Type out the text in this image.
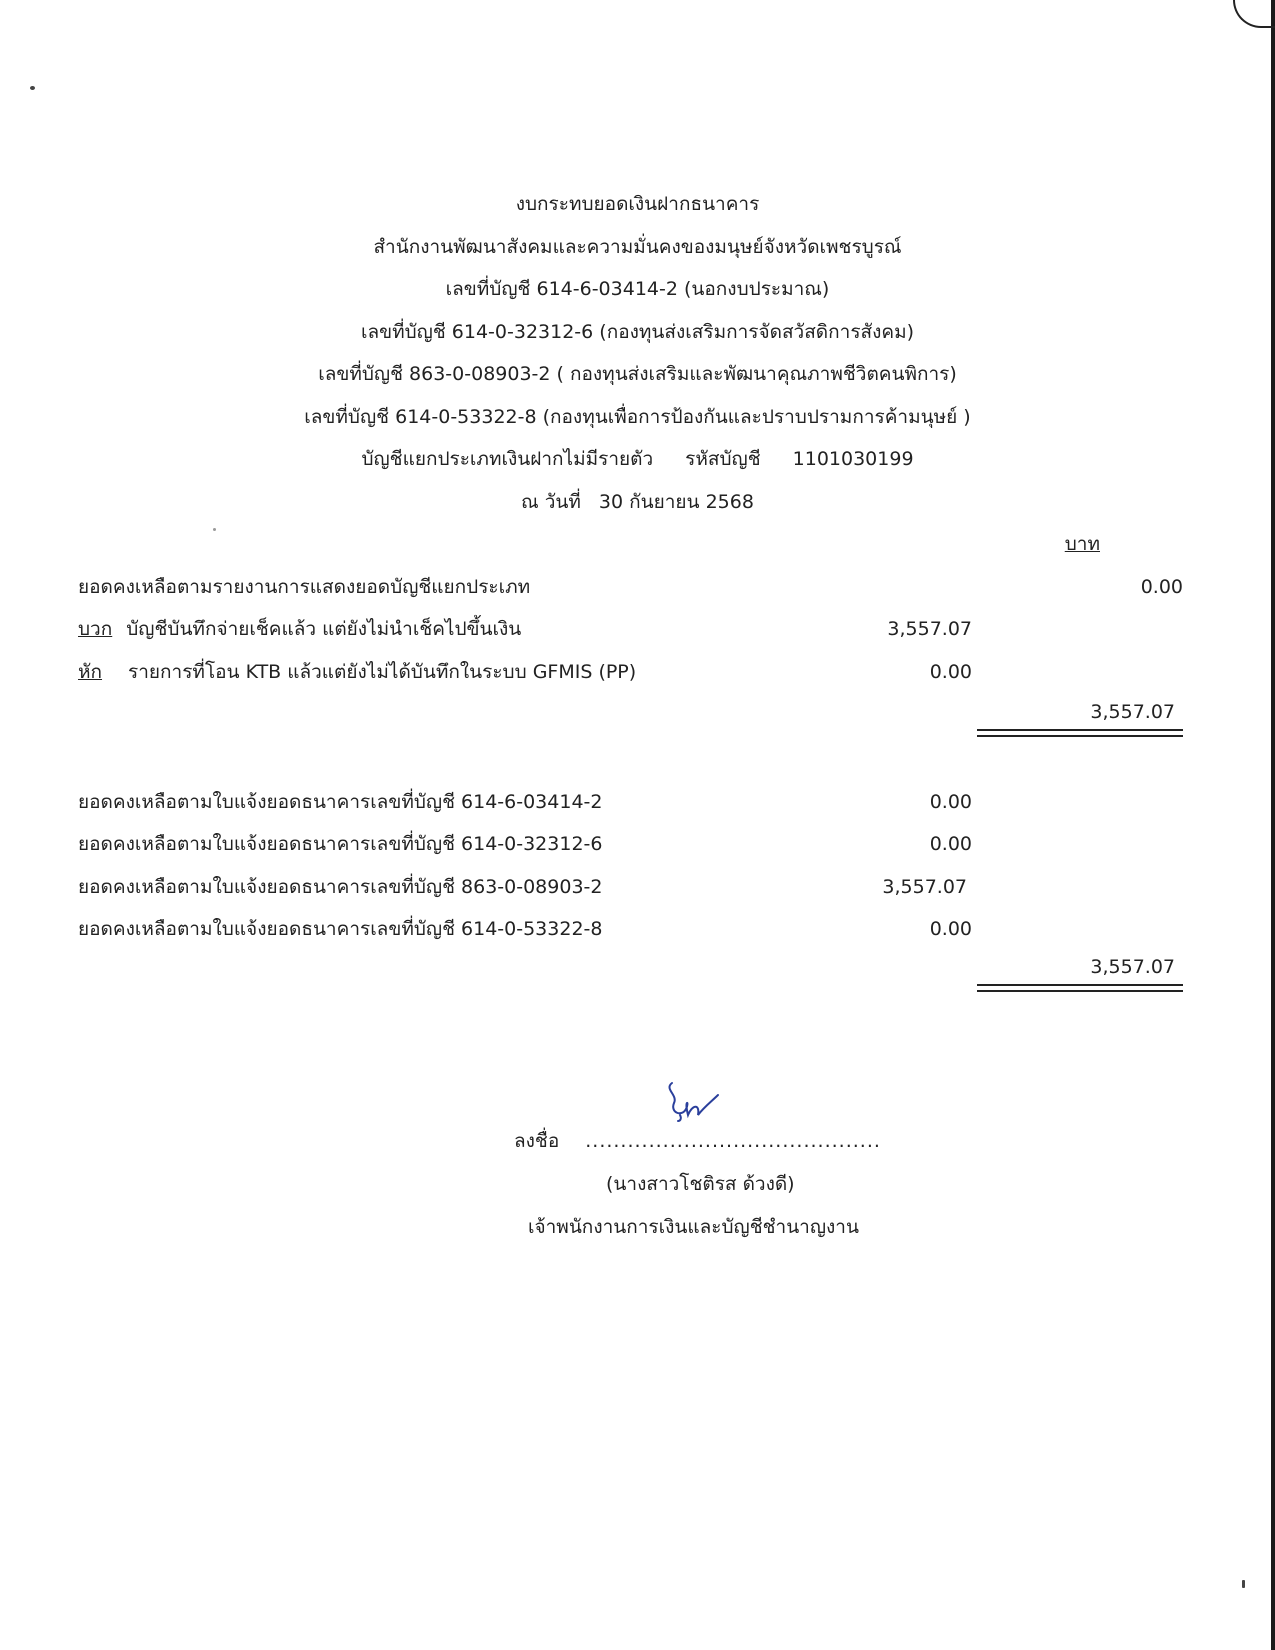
งบกระทบยอดเงินฝากธนาคาร
สำนักงานพัฒนาสังคมและความมั่นคงของมนุษย์จังหวัดเพชรบูรณ์
เลขที่บัญชี 614-6-03414-2 (นอกงบประมาณ)
เลขที่บัญชี 614-0-32312-6 (กองทุนส่งเสริมการจัดสวัสดิการสังคม)
เลขที่บัญชี 863-0-08903-2 ( กองทุนส่งเสริมและพัฒนาคุณภาพชีวิตคนพิการ)
เลขที่บัญชี 614-0-53322-8 (กองทุนเพื่อการป้องกันและปราบปรามการค้ามนุษย์ )
บัญชีแยกประเภทเงินฝากไม่มีรายตัว รหัสบัญชี 1101030199
ณ วันที่ 30 กันยายน 2568
บาท
ยอดคงเหลือตามรายงานการแสดงยอดบัญชีแยกประเภท	0.00
บวก บัญชีบันทึกจ่ายเช็คแล้ว แต่ยังไม่นำเช็คไปขึ้นเงิน	3,557.07
หัก รายการที่โอน KTB แล้วแต่ยังไม่ได้บันทึกในระบบ GFMIS (PP)	0.00
3,557.07
ยอดคงเหลือตามใบแจ้งยอดธนาคารเลขที่บัญชี 614-6-03414-2	0.00
ยอดคงเหลือตามใบแจ้งยอดธนาคารเลขที่บัญชี 614-0-32312-6	0.00
ยอดคงเหลือตามใบแจ้งยอดธนาคารเลขที่บัญชี 863-0-08903-2	3,557.07
ยอดคงเหลือตามใบแจ้งยอดธนาคารเลขที่บัญชี 614-0-53322-8	0.00
3,557.07
ลงชื่อ ..........................................
(นางสาวโชติรส ด้วงดี)
เจ้าพนักงานการเงินและบัญชีชำนาญงาน
